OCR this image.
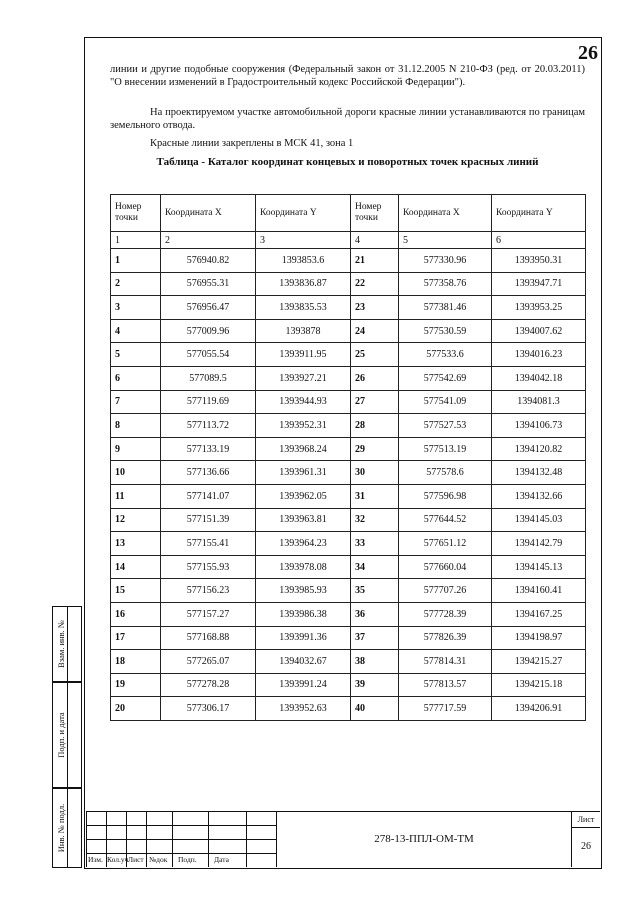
26
линии и другие подобные сооружения (Федеральный закон от 31.12.2005 N 210-ФЗ (ред. от 20.03.2011) "О внесении изменений в Градостроительный кодекс Российской Федерации").
На проектируемом участке автомобильной дороги красные линии устанавливаются по границам земельного отвода.
Красные линии закреплены в МСК 41, зона 1
Таблица - Каталог координат концевых и поворотных точек красных линий
Номер точки	Координата X	Координата Y	Номер точки	Координата X	Координата Y
1	2	3	4	5	6
1	576940.82	1393853.6	21	577330.96	1393950.31
2	576955.31	1393836.87	22	577358.76	1393947.71
3	576956.47	1393835.53	23	577381.46	1393953.25
4	577009.96	1393878	24	577530.59	1394007.62
5	577055.54	1393911.95	25	577533.6	1394016.23
6	577089.5	1393927.21	26	577542.69	1394042.18
7	577119.69	1393944.93	27	577541.09	1394081.3
8	577113.72	1393952.31	28	577527.53	1394106.73
9	577133.19	1393968.24	29	577513.19	1394120.82
10	577136.66	1393961.31	30	577578.6	1394132.48
11	577141.07	1393962.05	31	577596.98	1394132.66
12	577151.39	1393963.81	32	577644.52	1394145.03
13	577155.41	1393964.23	33	577651.12	1394142.79
14	577155.93	1393978.08	34	577660.04	1394145.13
15	577156.23	1393985.93	35	577707.26	1394160.41
16	577157.27	1393986.38	36	577728.39	1394167.25
17	577168.88	1393991.36	37	577826.39	1394198.97
18	577265.07	1394032.67	38	577814.31	1394215.27
19	577278.28	1393991.24	39	577813.57	1394215.18
20	577306.17	1393952.63	40	577717.59	1394206.91
Взам. инв. №
Подп. и дата
Инв. № подл.
Изм. Кол.уч Лист №док Подп. Дата
278-13-ППЛ-ОМ-ТМ
Лист
26
